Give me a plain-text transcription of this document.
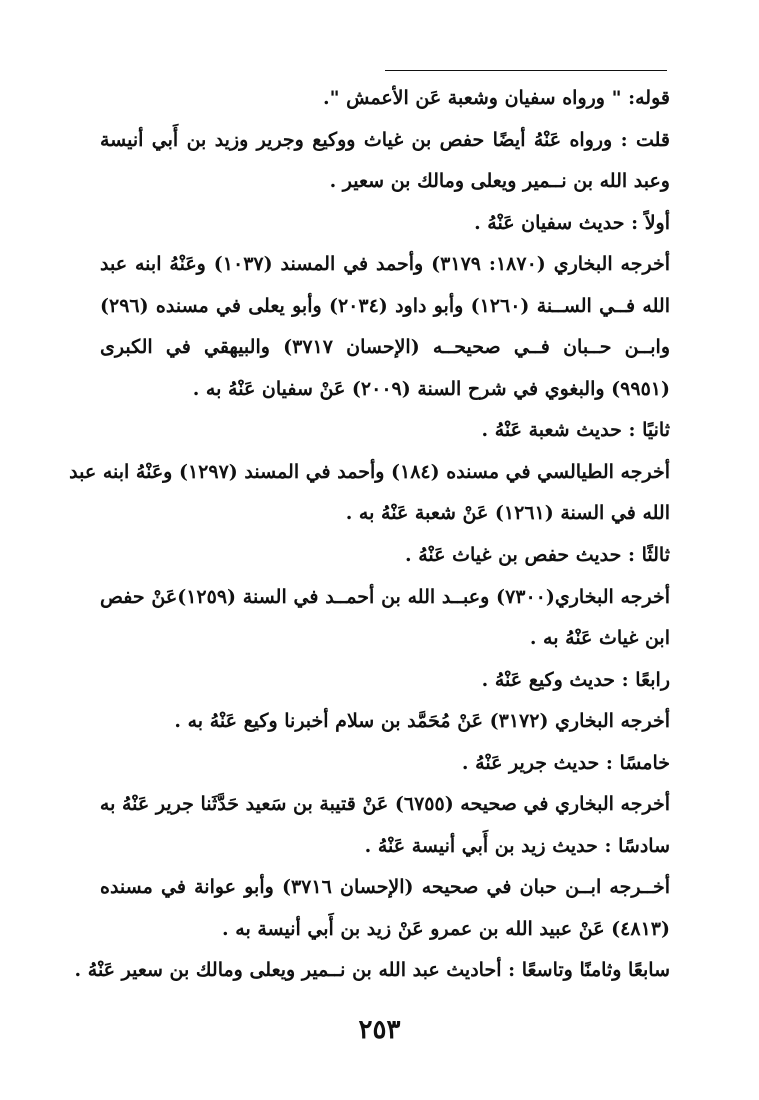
قوله: " ورواه سفيان وشعبة عَن الأعمش ".
قلت : ورواه عَنْهُ أيضًا حفص بن غياث ووكيع وجرير وزيد بن أَبي أنيسة
وعبد الله بن نــمير ويعلى ومالك بن سعير .
أولاً : حديث سفيان عَنْهُ .
أخرجه البخاري (١٨٧٠: ٣١٧٩) وأحمد في المسند (١٠٣٧) وعَنْهُ ابنه عبد
الله فــي الســنة (١٢٦٠) وأبو داود (٢٠٣٤) وأبو يعلى في مسنده (٢٩٦)
وابــن حــبان فــي صحيحــه (الإحسان ٣٧١٧) والبيهقي في الكبرى
(٩٩٥١) والبغوي في شرح السنة (٢٠٠٩) عَنْ سفيان عَنْهُ به .
ثانيًا : حديث شعبة عَنْهُ .
أخرجه الطيالسي في مسنده (١٨٤) وأحمد في المسند (١٢٩٧) وعَنْهُ ابنه عبد
الله في السنة (١٢٦١) عَنْ شعبة عَنْهُ به .
ثالثًا : حديث حفص بن غياث عَنْهُ .
أخرجه البخاري(٧٣٠٠) وعبــد الله بن أحمــد في السنة (١٢٥٩)عَنْ حفص
ابن غياث عَنْهُ به .
رابعًا : حديث وكيع عَنْهُ .
أخرجه البخاري (٣١٧٢) عَنْ مُحَمَّد بن سلام أخبرنا وكيع عَنْهُ به .
خامسًا : حديث جرير عَنْهُ .
أخرجه البخاري في صحيحه (٦٧٥٥) عَنْ قتيبة بن سَعيد حَدَّثَنا جرير عَنْهُ به
سادسًا : حديث زيد بن أَبي أنيسة عَنْهُ .
أخــرجه ابــن حبان في صحيحه (الإحسان ٣٧١٦) وأبو عوانة في مسنده
(٤٨١٣) عَنْ عبيد الله بن عمرو عَنْ زيد بن أَبي أنيسة به .
سابعًا وثامنًا وتاسعًا : أحاديث عبد الله بن نــمير ويعلى ومالك بن سعير عَنْهُ .
٢٥٣
